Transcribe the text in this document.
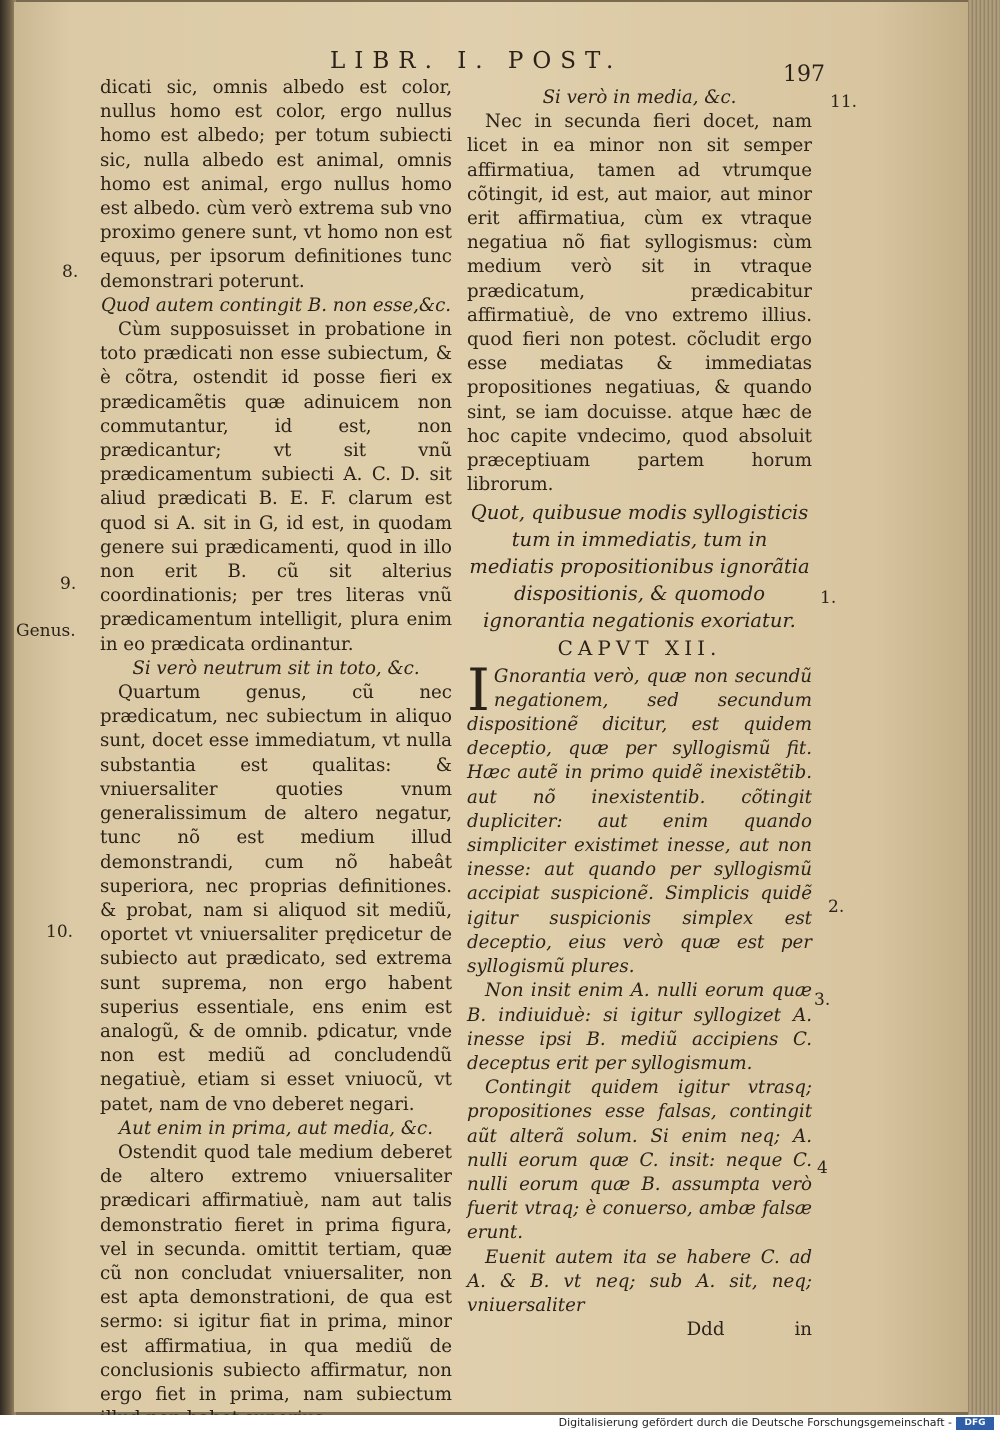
LIBR. I. POST.
197
8.
9.
Genus.
10.
11.
1.
2.
3.
4

dicati sic, omnis albedo est color, nullus homo est color, ergo nullus homo est albedo; per totum subiecti sic, nulla albedo est animal, omnis homo est animal, ergo nullus homo est albedo. cùm verò extrema sub vno proximo genere sunt, vt homo non est equus, per ipsorum definitiones tunc demonstrari poterunt.

Quod autem contingit B. non esse,&c.

Cùm supposuisset in probatione in toto prædicati non esse subiectum, & è cõtra, ostendit id posse fieri ex prædicamẽtis quæ adinuicem non commutantur, id est, non prædicantur; vt sit vnũ prædicamentum subiecti A. C. D. sit aliud prædicati B. E. F. clarum est quod si A. sit in G, id est, in quodam genere sui prædicamenti, quod in illo non erit B. cũ sit alterius coordinationis; per tres literas vnũ prædicamentum intelligit, plura enim in eo prædicata ordinantur.

Si verò neutrum sit in toto, &c.

Quartum genus, cũ nec prædicatum, nec subiectum in aliquo sunt, docet esse immediatum, vt nulla substantia est qualitas: & vniuersaliter quoties vnum generalissimum de altero negatur, tunc nõ est medium illud demonstrandi, cum nõ habeât superiora, nec proprias definitiones. & probat, nam si aliquod sit mediũ, oportet vt vniuersaliter prędicetur de subiecto aut prædicato, sed extrema sunt suprema, non ergo habent superius essentiale, ens enim est analogũ, & de omnib. ꝑdicatur, vnde non est mediũ ad concludendũ negatiuè, etiam si esset vniuocũ, vt patet, nam de vno deberet negari.

Aut enim in prima, aut media, &c.

Ostendit quod tale medium deberet de altero extremo vniuersaliter prædicari affirmatiuè, nam aut talis demonstratio fieret in prima figura, vel in secunda. omittit tertiam, quæ cũ non concludat vniuersaliter, non est apta demonstrationi, de qua est sermo: si igitur fiat in prima, minor est affirmatiua, in qua mediũ de conclusionis subiecto affirmatur, non ergo fiet in prima, nam subiectum

Si verò in media, &c.

Nec in secunda fieri docet, nam licet in ea minor non sit semper affirmatiua, tamen ad vtrumque cõtingit, id est, aut maior, aut minor erit affirmatiua, cùm ex vtraque negatiua nõ fiat syllogismus: cùm medium verò sit in vtraque prædicatum, prædicabitur affirmatiuè, de vno extremo illius. quod fieri non potest. cõcludit ergo esse mediatas & immediatas propositiones negatiuas, & quando sint, se iam docuisse. atque hæc de hoc capite vndecimo, quod absoluit præceptiuam partem horum librorum.

Quot, quibusue modis syllogisticis tum in immediatis, tum in mediatis propositionibus ignorãtia dispositionis, & quomodo ignorantia negationis exoriatur.

CAPVT XII.

I Gnorantia verò, quæ non secundũ negationem, sed secundum dispositionẽ dicitur, est quidem deceptio, quæ per syllogismũ fit. Hæc autẽ in primo quidẽ inexistẽtib. aut nõ inexistentib. cõtingit dupliciter: aut enim quando simpliciter existimet inesse, aut non inesse: aut quando per syllogismũ accipiat suspicionẽ. Simplicis quidẽ igitur suspicionis simplex est deceptio, eius verò quæ est per syllogismũ plures.

Non insit enim A. nulli eorum quæ B. indiuiduè: si igitur syllogizet A. inesse ipsi B. mediũ accipiens C. deceptus erit per syllogismum.

Contingit quidem igitur vtrasq; propositiones esse falsas, contingit aũt alterã solum. Si enim neq; A. nulli eorum quæ C. insit: neque C. nulli eorum quæ B. assumpta verò fuerit vtraq; è conuerso, ambæ falsæ erunt.

Euenit autem ita se habere C. ad A. & B. vt neq; sub A. sit, neq; vniuersaliter

Ddd	in

Digitalisierung gefördert durch die Deutsche Forschungsgemeinschaft -	DFG
